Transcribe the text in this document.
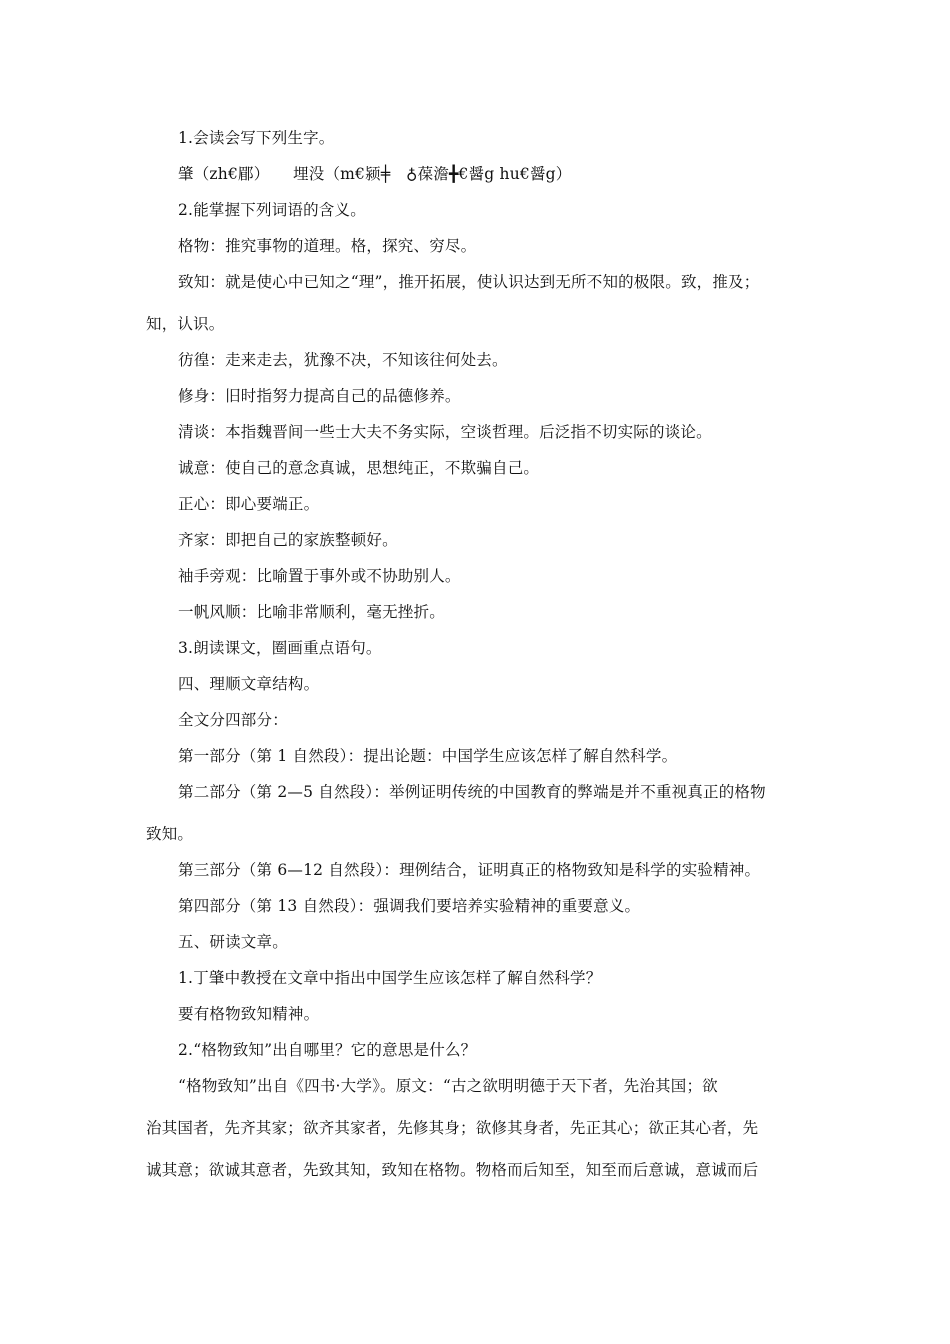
1.会读会写下列生字。
肇（zh€郿）　　埋没（m€颍╪　♁葆澹╋€醤g hu€醤g）
2.能掌握下列词语的含义。
格物：推究事物的道理。格，探究、穷尽。
致知：就是使心中已知之“理”，推开拓展，使认识达到无所不知的极限。致，推及；
知，认识。
彷徨：走来走去，犹豫不决，不知该往何处去。
修身：旧时指努力提高自己的品德修养。
清谈：本指魏晋间一些士大夫不务实际，空谈哲理。后泛指不切实际的谈论。
诚意：使自己的意念真诚，思想纯正，不欺骗自己。
正心：即心要端正。
齐家：即把自己的家族整顿好。
袖手旁观：比喻置于事外或不协助别人。
一帆风顺：比喻非常顺利，毫无挫折。
3.朗读课文，圈画重点语句。
四、理顺文章结构。
全文分四部分：
第一部分（第 1 自然段）：提出论题：中国学生应该怎样了解自然科学。
第二部分（第 2—5 自然段）：举例证明传统的中国教育的弊端是并不重视真正的格物
致知。
第三部分（第 6—12 自然段）：理例结合，证明真正的格物致知是科学的实验精神。
第四部分（第 13 自然段）：强调我们要培养实验精神的重要意义。
五、研读文章。
1.丁肇中教授在文章中指出中国学生应该怎样了解自然科学？
要有格物致知精神。
2.“格物致知”出自哪里？它的意思是什么？
“格物致知”出自《四书·大学》。原文：“古之欲明明德于天下者，先治其国；欲
治其国者，先齐其家；欲齐其家者，先修其身；欲修其身者，先正其心；欲正其心者，先
诚其意；欲诚其意者，先致其知，致知在格物。物格而后知至，知至而后意诚，意诚而后
